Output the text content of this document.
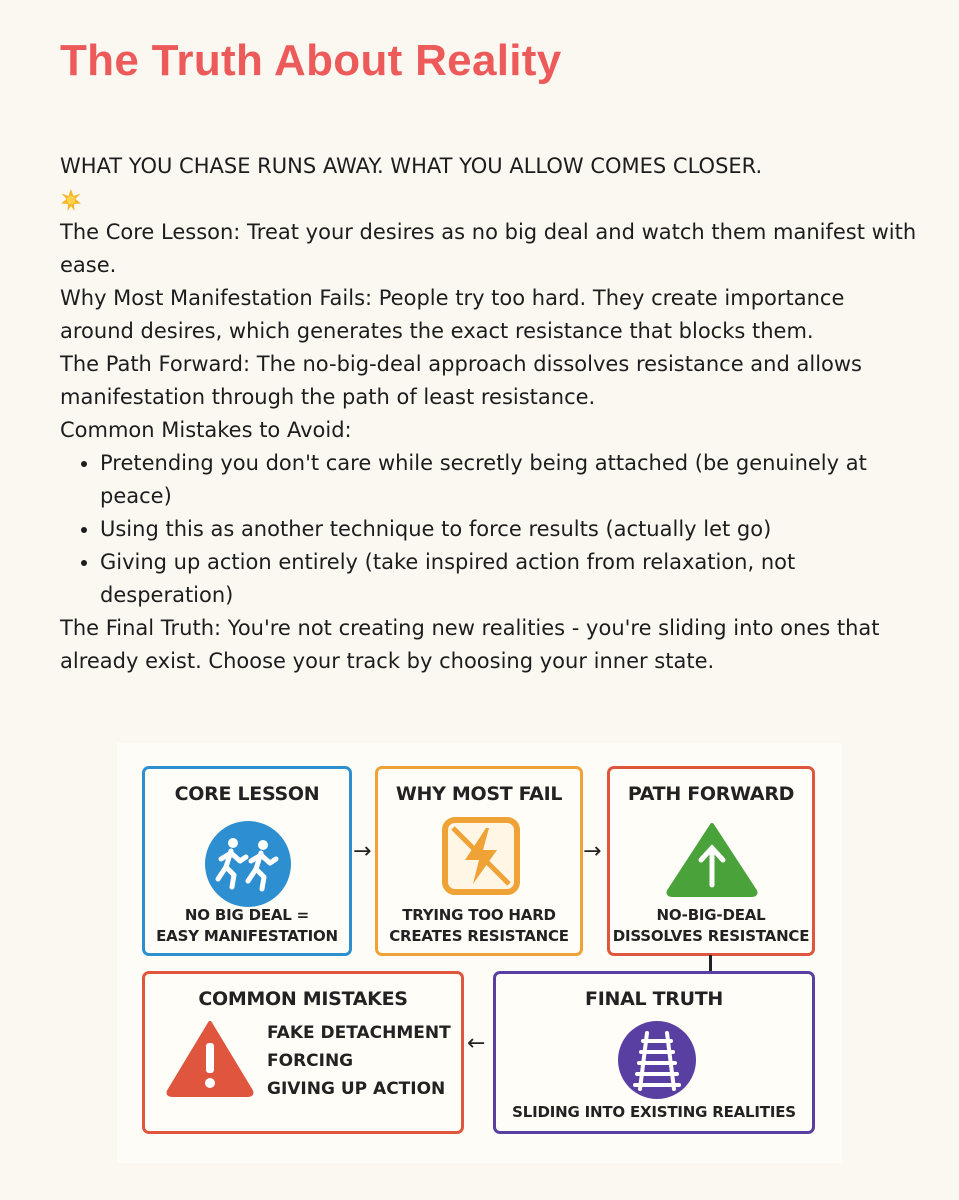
The Truth About Reality

WHAT YOU CHASE RUNS AWAY. WHAT YOU ALLOW COMES CLOSER.

The Core Lesson: Treat your desires as no big deal and watch them manifest with ease.

Why Most Manifestation Fails: People try too hard. They create importance around desires, which generates the exact resistance that blocks them.

The Path Forward: The no-big-deal approach dissolves resistance and allows manifestation through the path of least resistance.

Common Mistakes to Avoid:

• Pretending you don't care while secretly being attached (be genuinely at peace)
• Using this as another technique to force results (actually let go)
• Giving up action entirely (take inspired action from relaxation, not desperation)

The Final Truth: You're not creating new realities - you're sliding into ones that already exist. Choose your track by choosing your inner state.

CORE LESSON
NO BIG DEAL =
EASY MANIFESTATION
→
WHY MOST FAIL
TRYING TOO HARD
CREATES RESISTANCE
→
PATH FORWARD
NO-BIG-DEAL
DISSOLVES RESISTANCE
COMMON MISTAKES
FAKE DETACHMENT
FORCING
GIVING UP ACTION
←
FINAL TRUTH
SLIDING INTO EXISTING REALITIES
